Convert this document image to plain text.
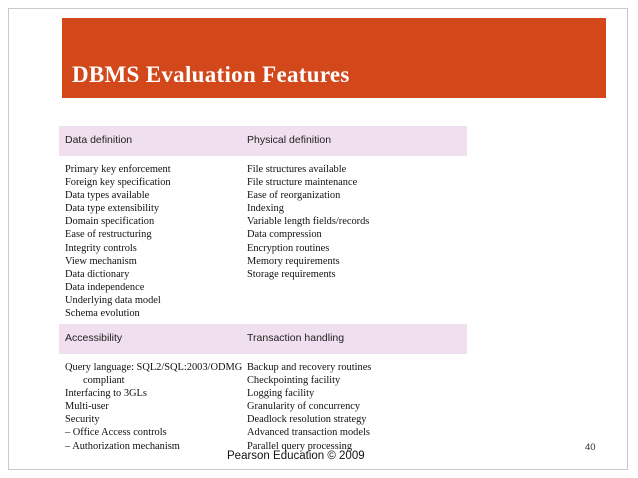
DBMS Evaluation Features
Data definition	Physical definition
Primary key enforcement
Foreign key specification
Data types available
Data type extensibility
Domain specification
Ease of restructuring
Integrity controls
View mechanism
Data dictionary
Data independence
Underlying data model
Schema evolution
File structures available
File structure maintenance
Ease of reorganization
Indexing
Variable length fields/records
Data compression
Encryption routines
Memory requirements
Storage requirements
Accessibility	Transaction handling
Query language: SQL2/SQL:2003/ODMG
compliant
Interfacing to 3GLs
Multi-user
Security
– Office Access controls
– Authorization mechanism
Backup and recovery routines
Checkpointing facility
Logging facility
Granularity of concurrency
Deadlock resolution strategy
Advanced transaction models
Parallel query processing
Pearson Education © 2009
40
